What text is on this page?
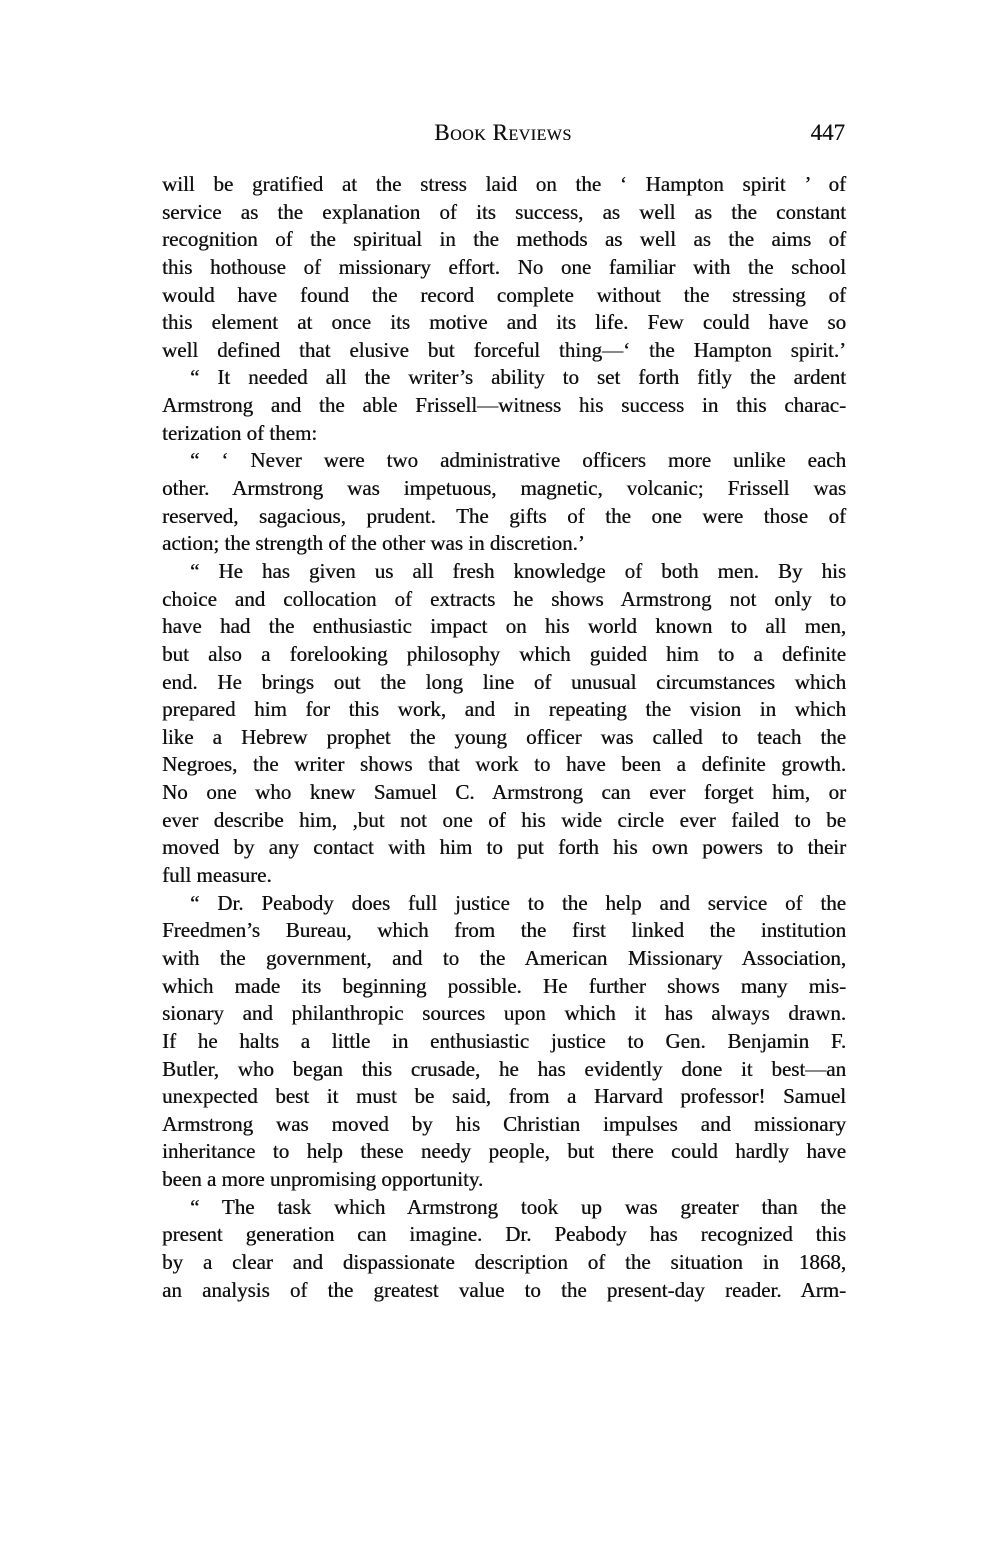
Book Reviews	447
will be gratified at the stress laid on the ‘ Hampton spirit ’ of
service as the explanation of its success, as well as the constant
recognition of the spiritual in the methods as well as the aims of
this hothouse of missionary effort. No one familiar with the school
would have found the record complete without the stressing of
this element at once its motive and its life. Few could have so
well defined that elusive but forceful thing—‘ the Hampton spirit.’
“ It needed all the writer’s ability to set forth fitly the ardent
Armstrong and the able Frissell—witness his success in this charac-
terization of them:
“ ‘ Never were two administrative officers more unlike each
other. Armstrong was impetuous, magnetic, volcanic; Frissell was
reserved, sagacious, prudent. The gifts of the one were those of
action; the strength of the other was in discretion.’
“ He has given us all fresh knowledge of both men. By his
choice and collocation of extracts he shows Armstrong not only to
have had the enthusiastic impact on his world known to all men,
but also a forelooking philosophy which guided him to a definite
end. He brings out the long line of unusual circumstances which
prepared him for this work, and in repeating the vision in which
like a Hebrew prophet the young officer was called to teach the
Negroes, the writer shows that work to have been a definite growth.
No one who knew Samuel C. Armstrong can ever forget him, or
ever describe him, ,but not one of his wide circle ever failed to be
moved by any contact with him to put forth his own powers to their
full measure.
“ Dr. Peabody does full justice to the help and service of the
Freedmen’s Bureau, which from the first linked the institution
with the government, and to the American Missionary Association,
which made its beginning possible. He further shows many mis-
sionary and philanthropic sources upon which it has always drawn.
If he halts a little in enthusiastic justice to Gen. Benjamin F.
Butler, who began this crusade, he has evidently done it best—an
unexpected best it must be said, from a Harvard professor! Samuel
Armstrong was moved by his Christian impulses and missionary
inheritance to help these needy people, but there could hardly have
been a more unpromising opportunity.
“ The task which Armstrong took up was greater than the
present generation can imagine. Dr. Peabody has recognized this
by a clear and dispassionate description of the situation in 1868,
an analysis of the greatest value to the present-day reader. Arm-
